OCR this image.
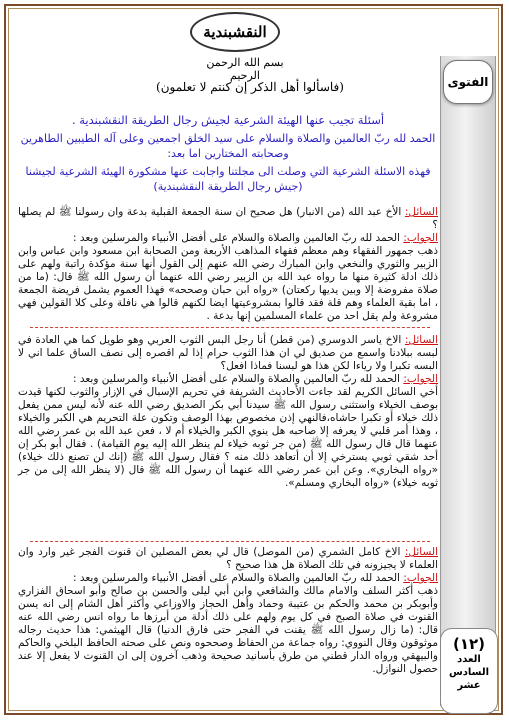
الفتوى
(١٢)
العدد
السادس
عشر
النقشبندية
بسم الله الرحمن الرحيم
(فاسألوا أهل الذكر إن كنتم لا تعلمون)
أسئلة تجيب عنها الهيئة الشرعية لجيش رجال الطريقة النقشبندية .
الحمد لله ربّ العالمين والصلاة والسلام على سيد الخلق اجمعين وعلى آله الطيبين الطاهرين وصحابته المختارين اما بعد:
فهذه الاسئلة الشرعية التي وصلت الى مجلتنا واجابت عنها مشكورة الهيئة الشرعية لجيشنا (جيش رجال الطريقة النقشبندية)
السائل: الأخ عبد الله (من الانبار) هل صحيح ان سنة الجمعة القبلية بدعة وان رسولنا ﷺ لم يصلها ؟
الجواب: الحمد لله ربّ العالمين والصلاة والسلام على أفضل الأنبياء والمرسلين وبعد :
ذهب جمهور الفقهاء وهم معظم فقهاء المذاهب الأربعة ومن الصحابة ابن مسعود وابن عباس وابن الزبير والثوري والنخعي وابن المبارك رضي الله عنهم إلى القول أنها سنة مؤكدة راتبة ولهم على ذلك ادلة كثيرة منها ما رواه عبد الله بن الزبير رضي الله عنهما أن رسول الله ﷺ قال: (ما من صلاة مفروضة إلا وبين يديها ركعتان) «رواه ابن حبان وصححه» فهذا العموم يشمل فريضة الجمعة ، اما بقية العلماء وهم قلة فقد قالوا بمشروعيتها ايضا لكنهم قالوا هي نافلة وعلى كلا القولين فهي مشروعة ولم يقل احد من علماء المسلمين إنها بدعة .
السائل: الاخ ياسر الدوسري (من قطر) أنا رجل البس الثوب العربي وهو طويل كما هي العادة في لبسه ببلادنا واسمع من صديق لي ان هذا الثوب حرام إذا لم اقصره إلى نصف الساق علما اني لا البسه تكبرا ولا رياءا لكن هذا هو لبسنا فماذا افعل؟
الجواب: الحمد لله ربّ العالمين والصلاة والسلام على أفضل الأنبياء والمرسلين وبعد :
أخي السائل الكريم لقد جاءت الأحاديث الشريفة في تحريم الإسبال في الإزار والثوب لكنها قيدت بوصف الخيلاء واستثنى رسول الله ﷺ سيدنا أبي بكر الصديق رضي الله عنه لأنه ليس ممن يفعل ذلك خيلاء أو تكبرا حاشاه،فالنهي إذن مخصوص بهذا الوصف وتكون علة التحريم هي الكبر والخيلاء ، وهذا أمر قلبي لا يعرفه إلا صاحبه هل ينوي الكبر والخيلاء أم لا ، فعن عبد الله بن عمر رضي الله عنهما قال قال رسول الله ﷺ (من جر ثوبه خيلاء لم ينظر الله إليه يوم القيامة) . فقال أبو بكر إن أحد شقي ثوبي يسترخي إلا أن أتعاهد ذلك منه ؟ فقال رسول الله ﷺ (إنك لن تصنع ذلك خيلاء) «رواه البخاري». وعن ابن عمر رضي الله عنهما أن رسول الله ﷺ قال (لا ينظر الله إلى من جر ثوبه خيلاء) «رواه البخاري ومسلم».
السائل: الاخ كامل الشمري (من الموصل) قال لي بعض المصلين ان قنوت الفجر غير وارد وان العلماء لا يجيزونه في تلك الصلاة هل هذا صحيح ؟
الجواب: الحمد لله ربّ العالمين والصلاة والسلام على أفضل الأنبياء والمرسلين وبعد :
ذهب أكثر السلف والامام مالك والشافعي وابن أبي ليلى والحسن بن صالح وأبو اسحاق الفزاري وأبوبكر بن محمد والحكم بن عتيبة وحماد وأهل الحجاز والاوزاعي وأكثر أهل الشام إلى انه يسن القنوت في صلاة الصبح في كل يوم ولهم على ذلك أدلة من أبرزها ما رواه انس رضي الله عنه قال: (ما زال رسول الله ﷺ يقنت في الفجر حتى فارق الدنيا) قال الهيثمي: هذا حديث رجاله موثوقون وقال النووي: رواه جماعة من الحفاظ وصححوه ونص على صحته الحافظ البلخي والحاكم والبيهقي ورواه الدار قطني من طرق بأسانيد صحيحة وذهب آخرون إلى ان القنوت لا يفعل إلا عند حصول النوازل.
